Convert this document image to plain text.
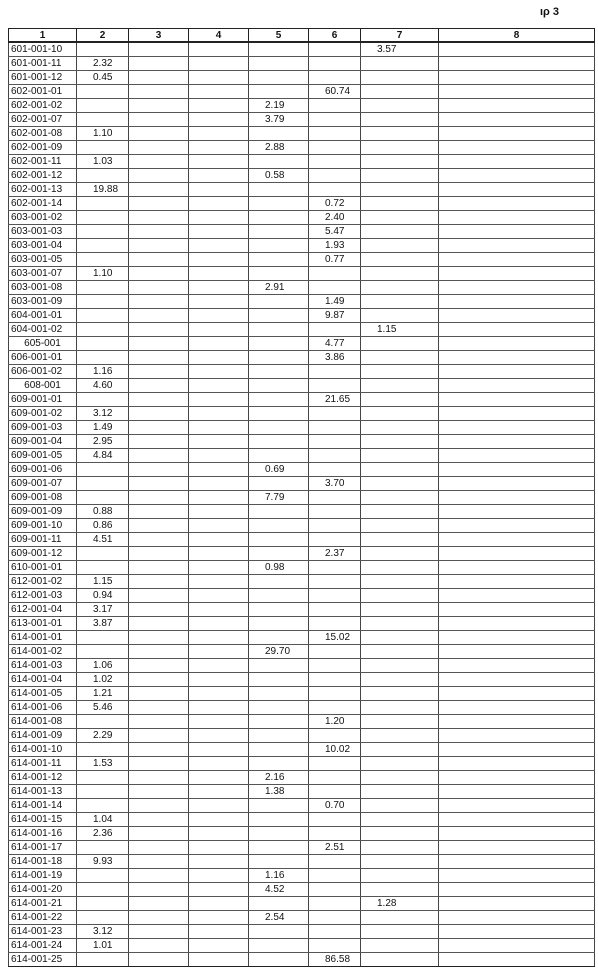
ιρ 3
1	2	3	4	5	6	7	8
601-001-10						3.57	
601-001-11	2.32						
601-001-12	0.45						
602-001-01					60.74		
602-001-02				2.19			
602-001-07				3.79			
602-001-08	1.10						
602-001-09				2.88			
602-001-11	1.03						
602-001-12				0.58			
602-001-13	19.88						
602-001-14					0.72		
603-001-02					2.40		
603-001-03					5.47		
603-001-04					1.93		
603-001-05					0.77		
603-001-07	1.10						
603-001-08				2.91			
603-001-09					1.49		
604-001-01					9.87		
604-001-02						1.15	
605-001					4.77		
606-001-01					3.86		
606-001-02	1.16						
608-001	4.60						
609-001-01					21.65		
609-001-02	3.12						
609-001-03	1.49						
609-001-04	2.95						
609-001-05	4.84						
609-001-06				0.69			
609-001-07					3.70		
609-001-08				7.79			
609-001-09	0.88						
609-001-10	0.86						
609-001-11	4.51						
609-001-12					2.37		
610-001-01				0.98			
612-001-02	1.15						
612-001-03	0.94						
612-001-04	3.17						
613-001-01	3.87						
614-001-01					15.02		
614-001-02				29.70			
614-001-03	1.06						
614-001-04	1.02						
614-001-05	1.21						
614-001-06	5.46						
614-001-08					1.20		
614-001-09	2.29						
614-001-10					10.02		
614-001-11	1.53						
614-001-12				2.16			
614-001-13				1.38			
614-001-14					0.70		
614-001-15	1.04						
614-001-16	2.36						
614-001-17					2.51		
614-001-18	9.93						
614-001-19				1.16			
614-001-20				4.52			
614-001-21						1.28	
614-001-22				2.54			
614-001-23	3.12						
614-001-24	1.01						
614-001-25					86.58		
